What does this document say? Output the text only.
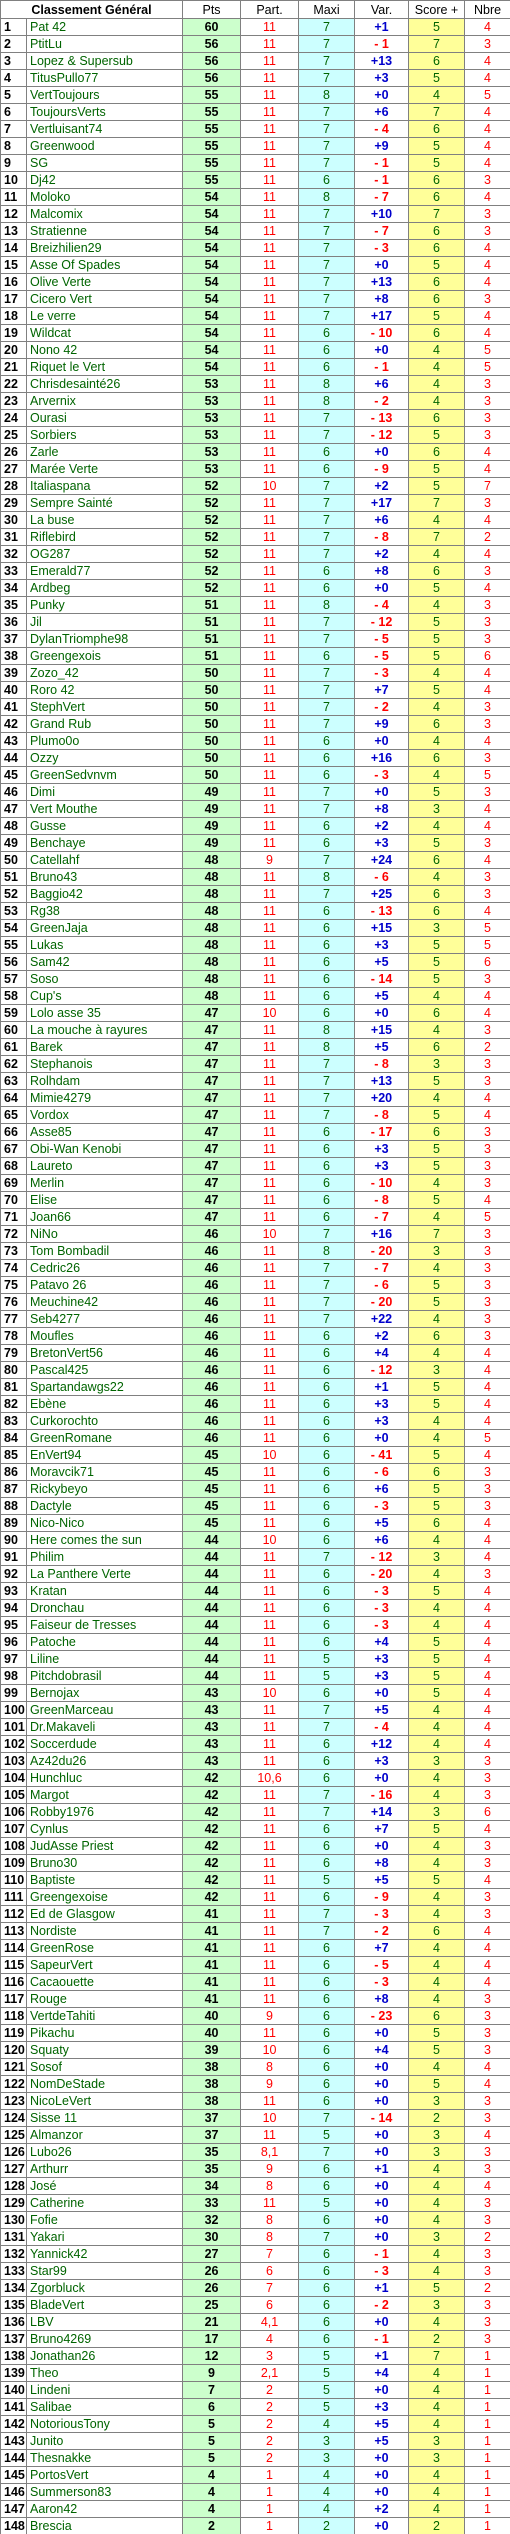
Classement Général		Pts	Part.	Maxi	Var.	Score +	Nbre
1	Pat 42	60	11	7	+1	5	4
2	PtitLu	56	11	7	- 1	7	3
3	Lopez & Supersub	56	11	7	+13	6	4
4	TitusPullo77	56	11	7	+3	5	4
5	VertToujours	55	11	8	+0	4	5
6	ToujoursVerts	55	11	7	+6	7	4
7	Vertluisant74	55	11	7	- 4	6	4
8	Greenwood	55	11	7	+9	5	4
9	SG	55	11	7	- 1	5	4
10	Dj42	55	11	6	- 1	6	3
11	Moloko	54	11	8	- 7	6	4
12	Malcomix	54	11	7	+10	7	3
13	Stratienne	54	11	7	- 7	6	3
14	Breizhilien29	54	11	7	- 3	6	4
15	Asse Of Spades	54	11	7	+0	5	4
16	Olive Verte	54	11	7	+13	6	4
17	Cicero Vert	54	11	7	+8	6	3
18	Le verre	54	11	7	+17	5	4
19	Wildcat	54	11	6	- 10	6	4
20	Nono 42	54	11	6	+0	4	5
21	Riquet le Vert	54	11	6	- 1	4	5
22	Chrisdesainté26	53	11	8	+6	4	3
23	Arvernix	53	11	8	- 2	4	3
24	Ourasi	53	11	7	- 13	6	3
25	Sorbiers	53	11	7	- 12	5	3
26	Zarle	53	11	6	+0	6	4
27	Marée Verte	53	11	6	- 9	5	4
28	Italiaspana	52	10	7	+2	5	7
29	Sempre Sainté	52	11	7	+17	7	3
30	La buse	52	11	7	+6	4	4
31	Riflebird	52	11	7	- 8	7	2
32	OG287	52	11	7	+2	4	4
33	Emerald77	52	11	6	+8	6	3
34	Ardbeg	52	11	6	+0	5	4
35	Punky	51	11	8	- 4	4	3
36	Jil	51	11	7	- 12	5	3
37	DylanTriomphe98	51	11	7	- 5	5	3
38	Greengexois	51	11	6	- 5	5	6
39	Zozo_42	50	11	7	- 3	4	4
40	Roro 42	50	11	7	+7	5	4
41	StephVert	50	11	7	- 2	4	3
42	Grand Rub	50	11	7	+9	6	3
43	Plumo0o	50	11	6	+0	4	4
44	Ozzy	50	11	6	+16	6	3
45	GreenSedvnvm	50	11	6	- 3	4	5
46	Dimi	49	11	7	+0	5	3
47	Vert Mouthe	49	11	7	+8	3	4
48	Gusse	49	11	6	+2	4	4
49	Benchaye	49	11	6	+3	5	3
50	Catellahf	48	9	7	+24	6	4
51	Bruno43	48	11	8	- 6	4	3
52	Baggio42	48	11	7	+25	6	3
53	Rg38	48	11	6	- 13	6	4
54	GreenJaja	48	11	6	+15	3	5
55	Lukas	48	11	6	+3	5	5
56	Sam42	48	11	6	+5	5	6
57	Soso	48	11	6	- 14	5	3
58	Cup's	48	11	6	+5	4	4
59	Lolo asse 35	47	10	6	+0	6	4
60	La mouche à rayures	47	11	8	+15	4	3
61	Barek	47	11	8	+5	6	2
62	Stephanois	47	11	7	- 8	3	3
63	Rolhdam	47	11	7	+13	5	3
64	Mimie4279	47	11	7	+20	4	4
65	Vordox	47	11	7	- 8	5	4
66	Asse85	47	11	6	- 17	6	3
67	Obi-Wan Kenobi	47	11	6	+3	5	3
68	Laureto	47	11	6	+3	5	3
69	Merlin	47	11	6	- 10	4	3
70	Elise	47	11	6	- 8	5	4
71	Joan66	47	11	6	- 7	4	5
72	NiNo	46	10	7	+16	7	3
73	Tom Bombadil	46	11	8	- 20	3	3
74	Cedric26	46	11	7	- 7	4	3
75	Patavo 26	46	11	7	- 6	5	3
76	Meuchine42	46	11	7	- 20	5	3
77	Seb4277	46	11	7	+22	4	3
78	Moufles	46	11	6	+2	6	3
79	BretonVert56	46	11	6	+4	4	4
80	Pascal425	46	11	6	- 12	3	4
81	Spartandawgs22	46	11	6	+1	5	4
82	Ebène	46	11	6	+3	5	4
83	Curkorochto	46	11	6	+3	4	4
84	GreenRomane	46	11	6	+0	4	5
85	EnVert94	45	10	6	- 41	5	4
86	Moravcik71	45	11	6	- 6	6	3
87	Rickybeyo	45	11	6	+6	5	3
88	Dactyle	45	11	6	- 3	5	3
89	Nico-Nico	45	11	6	+5	6	4
90	Here comes the sun	44	10	6	+6	4	4
91	Philim	44	11	7	- 12	3	4
92	La Panthere Verte	44	11	6	- 20	4	3
93	Kratan	44	11	6	- 3	5	4
94	Dronchau	44	11	6	- 3	4	4
95	Faiseur de Tresses	44	11	6	- 3	4	4
96	Patoche	44	11	6	+4	5	4
97	Liline	44	11	5	+3	5	4
98	Pitchdobrasil	44	11	5	+3	5	4
99	Bernojax	43	10	6	+0	5	4
100	GreenMarceau	43	11	7	+5	4	4
101	Dr.Makaveli	43	11	7	- 4	4	4
102	Soccerdude	43	11	6	+12	4	4
103	Az42du26	43	11	6	+3	3	3
104	Hunchluc	42	10,6	6	+0	4	3
105	Margot	42	11	7	- 16	4	3
106	Robby1976	42	11	7	+14	3	6
107	Cynlus	42	11	6	+7	5	4
108	JudAsse Priest	42	11	6	+0	4	3
109	Bruno30	42	11	6	+8	4	3
110	Baptiste	42	11	5	+5	5	4
111	Greengexoise	42	11	6	- 9	4	3
112	Ed de Glasgow	41	11	7	- 3	4	3
113	Nordiste	41	11	7	- 2	6	4
114	GreenRose	41	11	6	+7	4	4
115	SapeurVert	41	11	6	- 5	4	4
116	Cacaouette	41	11	6	- 3	4	4
117	Rouge	41	11	6	+8	4	3
118	VertdeTahiti	40	9	6	- 23	6	3
119	Pikachu	40	11	6	+0	5	3
120	Squaty	39	10	6	+4	5	3
121	Sosof	38	8	6	+0	4	4
122	NomDeStade	38	9	6	+0	5	4
123	NicoLeVert	38	11	6	+0	3	3
124	Sisse 11	37	10	7	- 14	2	3
125	Almanzor	37	11	5	+0	3	4
126	Lubo26	35	8,1	7	+0	3	3
127	Arthurr	35	9	6	+1	4	3
128	José	34	8	6	+0	4	4
129	Catherine	33	11	5	+0	4	3
130	Fofie	32	8	6	+0	4	3
131	Yakari	30	8	7	+0	3	2
132	Yannick42	27	7	6	- 1	4	3
133	Star99	26	6	6	- 3	4	3
134	Zgorbluck	26	7	6	+1	5	2
135	BladeVert	25	6	6	- 2	3	3
136	LBV	21	4,1	6	+0	4	3
137	Bruno4269	17	4	6	- 1	2	3
138	Jonathan26	12	3	5	+1	7	1
139	Theo	9	2,1	5	+4	4	1
140	Lindeni	7	2	5	+0	4	1
141	Salibae	6	2	5	+3	4	1
142	NotoriousTony	5	2	4	+5	4	1
143	Junito	5	2	3	+5	3	1
144	Thesnakke	5	2	3	+0	3	1
145	PortosVert	4	1	4	+0	4	1
146	Summerson83	4	1	4	+0	4	1
147	Aaron42	4	1	4	+2	4	1
148	Brescia	2	1	2	+0	2	1
